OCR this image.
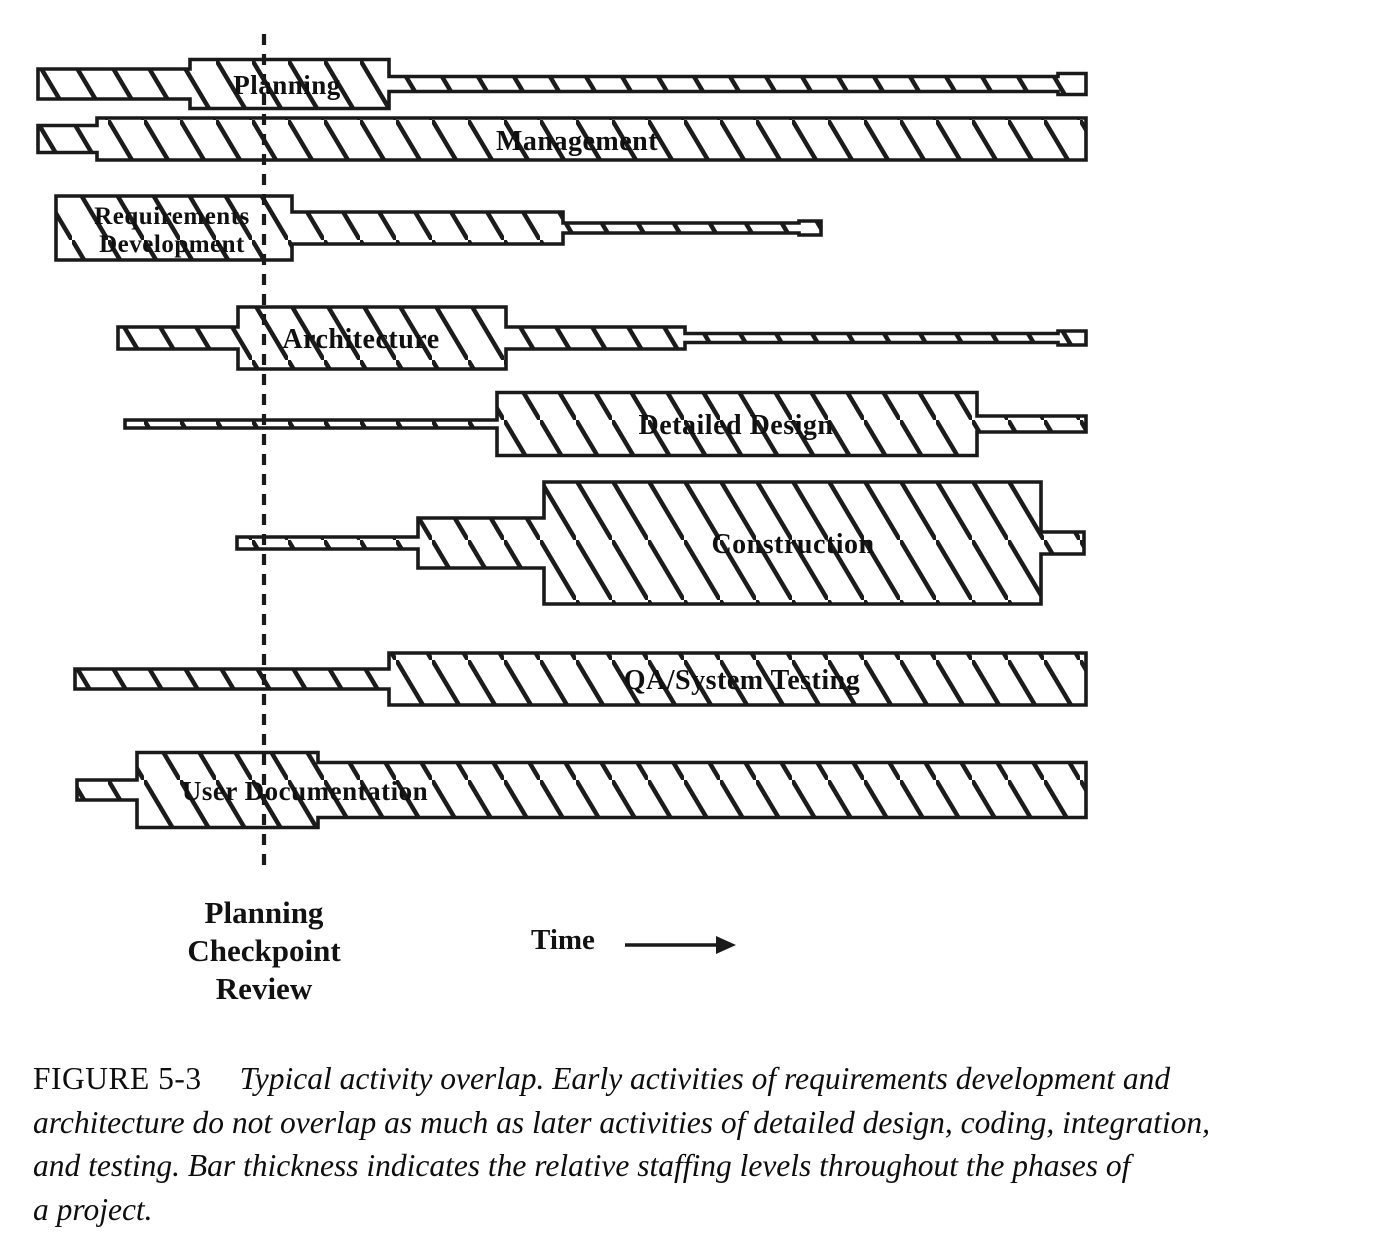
Planning
Management
Requirements
Development
Architecture
Detailed Design
Construction
QA/System Testing
User Documentation
Planning
Checkpoint
Review
Time
FIGURE 5-3 Typical activity overlap. Early activities of requirements development and
architecture do not overlap as much as later activities of detailed design, coding, integration,
and testing. Bar thickness indicates the relative staffing levels throughout the phases of
a project.
